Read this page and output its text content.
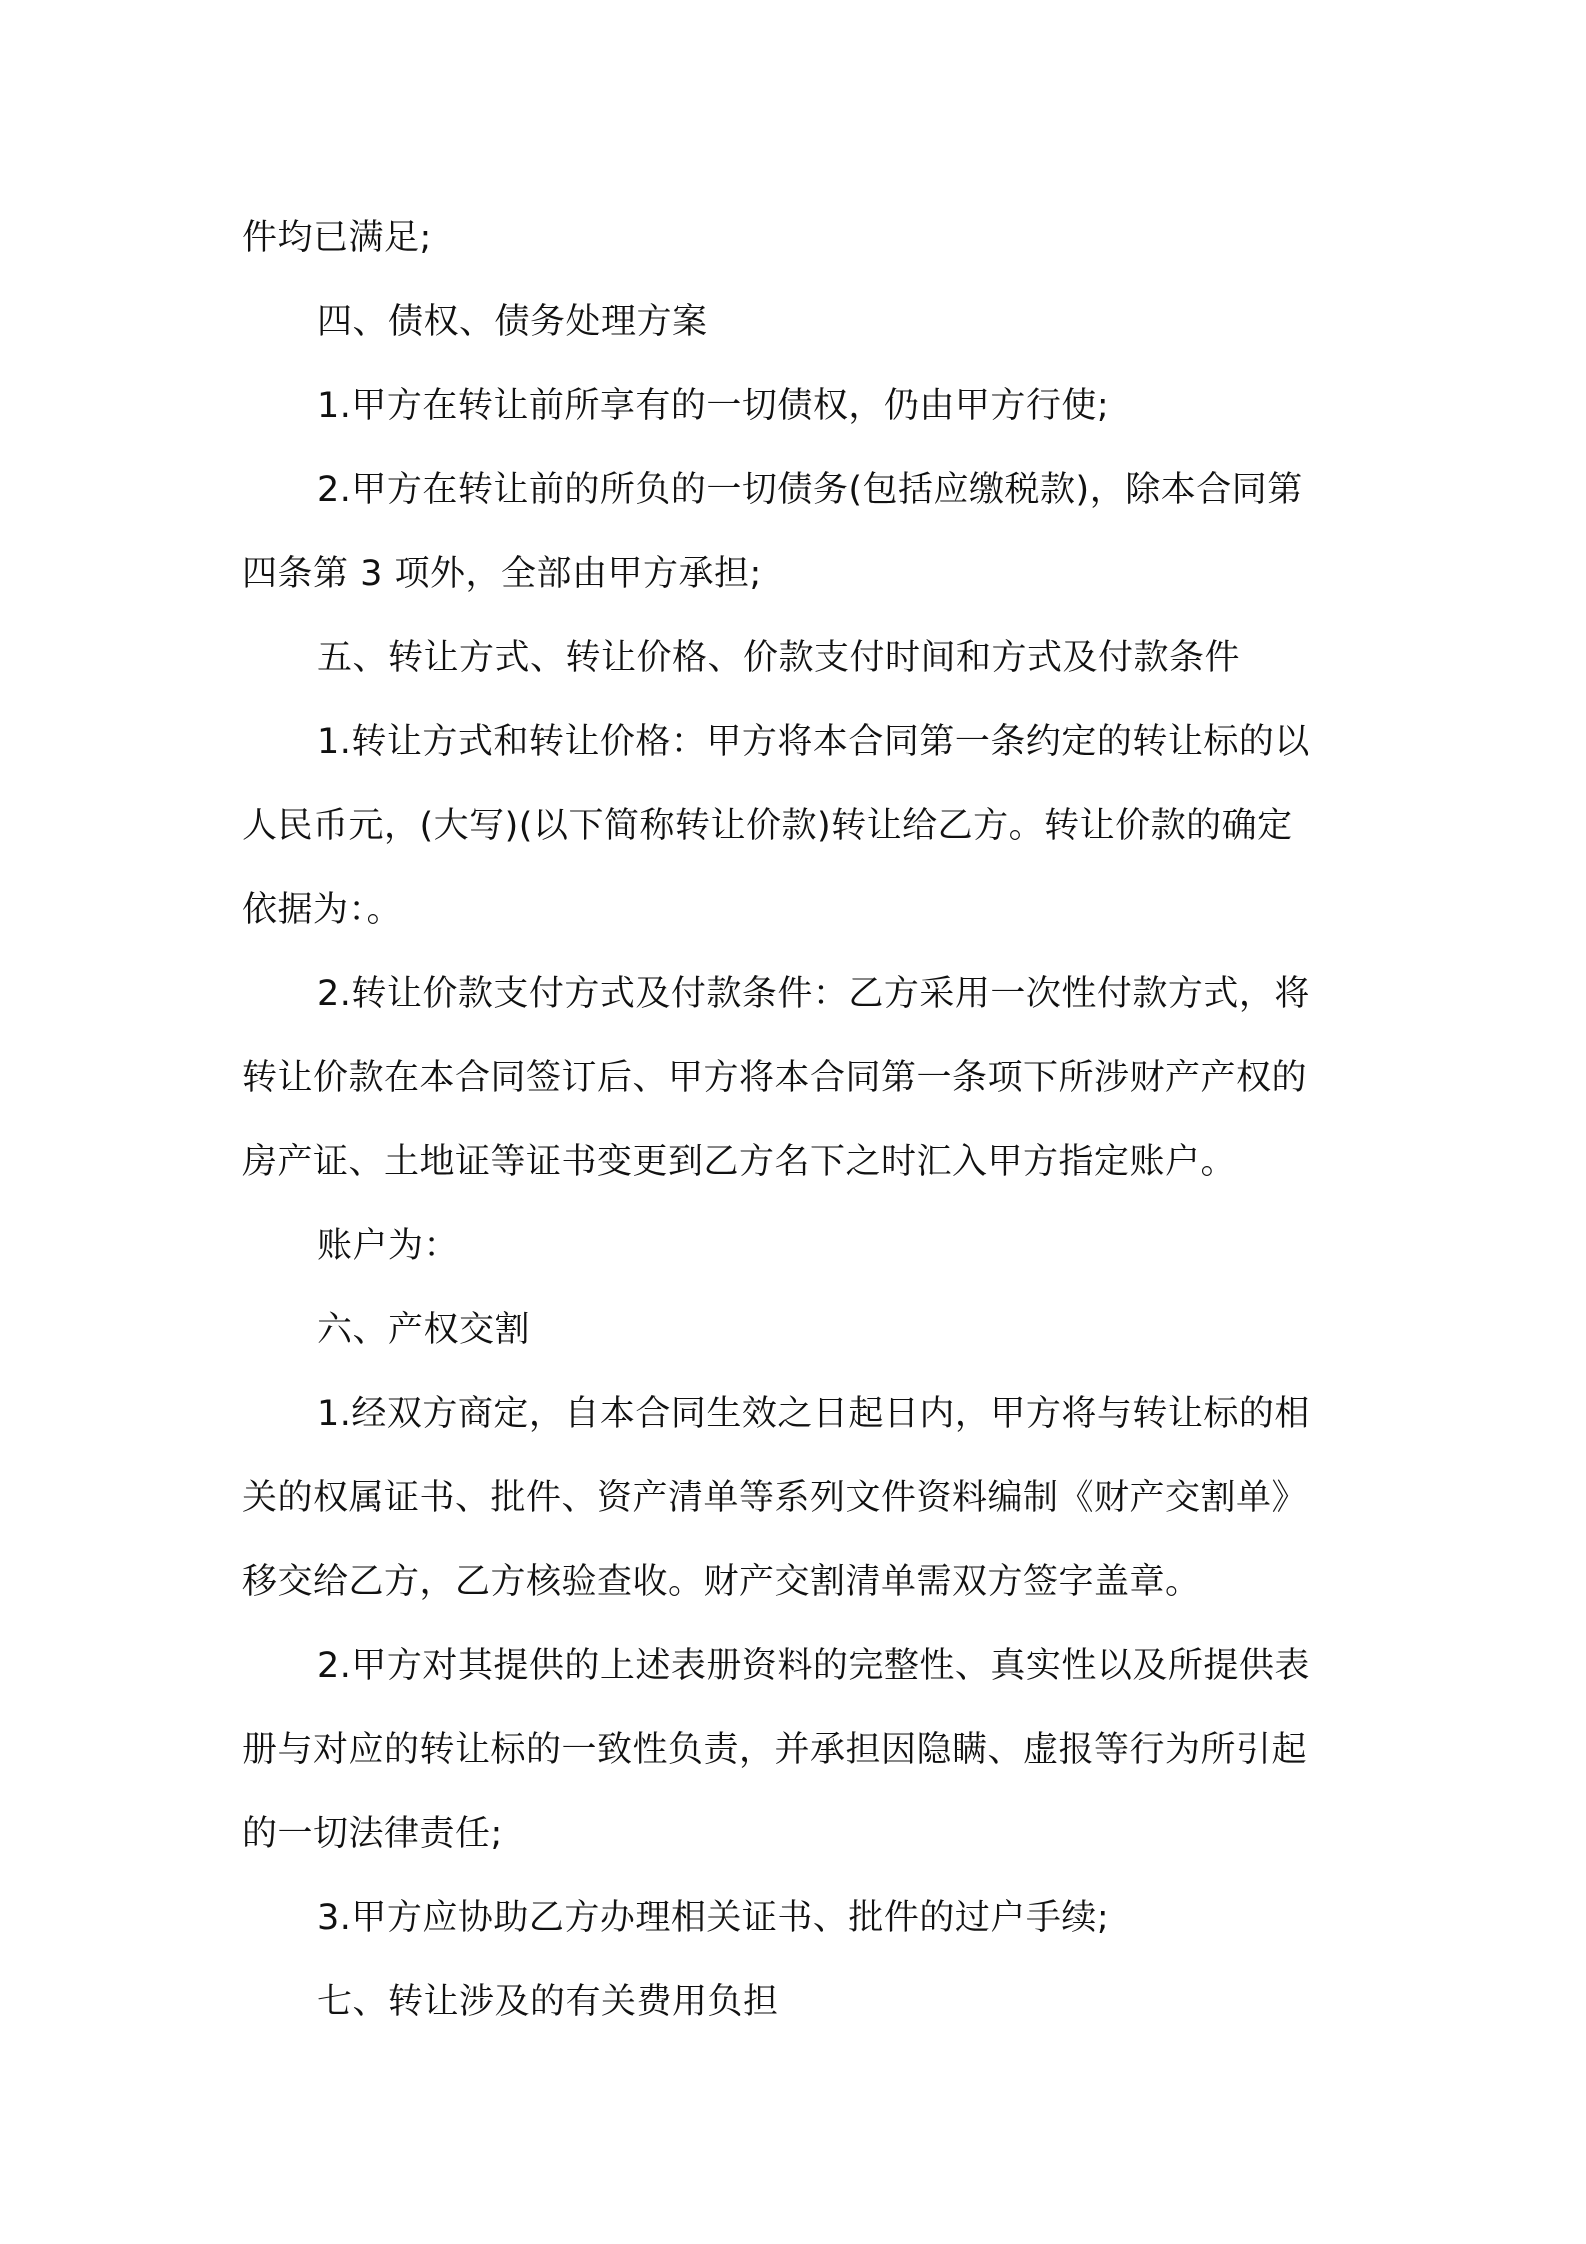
件均已满足;
四、债权、债务处理方案
1.甲方在转让前所享有的一切债权，仍由甲方行使;
2.甲方在转让前的所负的一切债务(包括应缴税款)，除本合同第
四条第 3 项外，全部由甲方承担;
五、转让方式、转让价格、价款支付时间和方式及付款条件
1.转让方式和转让价格：甲方将本合同第一条约定的转让标的以
人民币元，(大写)(以下简称转让价款)转让给乙方。转让价款的确定
依据为：。
2.转让价款支付方式及付款条件：乙方采用一次性付款方式，将
转让价款在本合同签订后、甲方将本合同第一条项下所涉财产产权的
房产证、土地证等证书变更到乙方名下之时汇入甲方指定账户。
账户为：
六、产权交割
1.经双方商定，自本合同生效之日起日内，甲方将与转让标的相
关的权属证书、批件、资产清单等系列文件资料编制《财产交割单》
移交给乙方，乙方核验查收。财产交割清单需双方签字盖章。
2.甲方对其提供的上述表册资料的完整性、真实性以及所提供表
册与对应的转让标的一致性负责，并承担因隐瞒、虚报等行为所引起
的一切法律责任;
3.甲方应协助乙方办理相关证书、批件的过户手续;
七、转让涉及的有关费用负担
